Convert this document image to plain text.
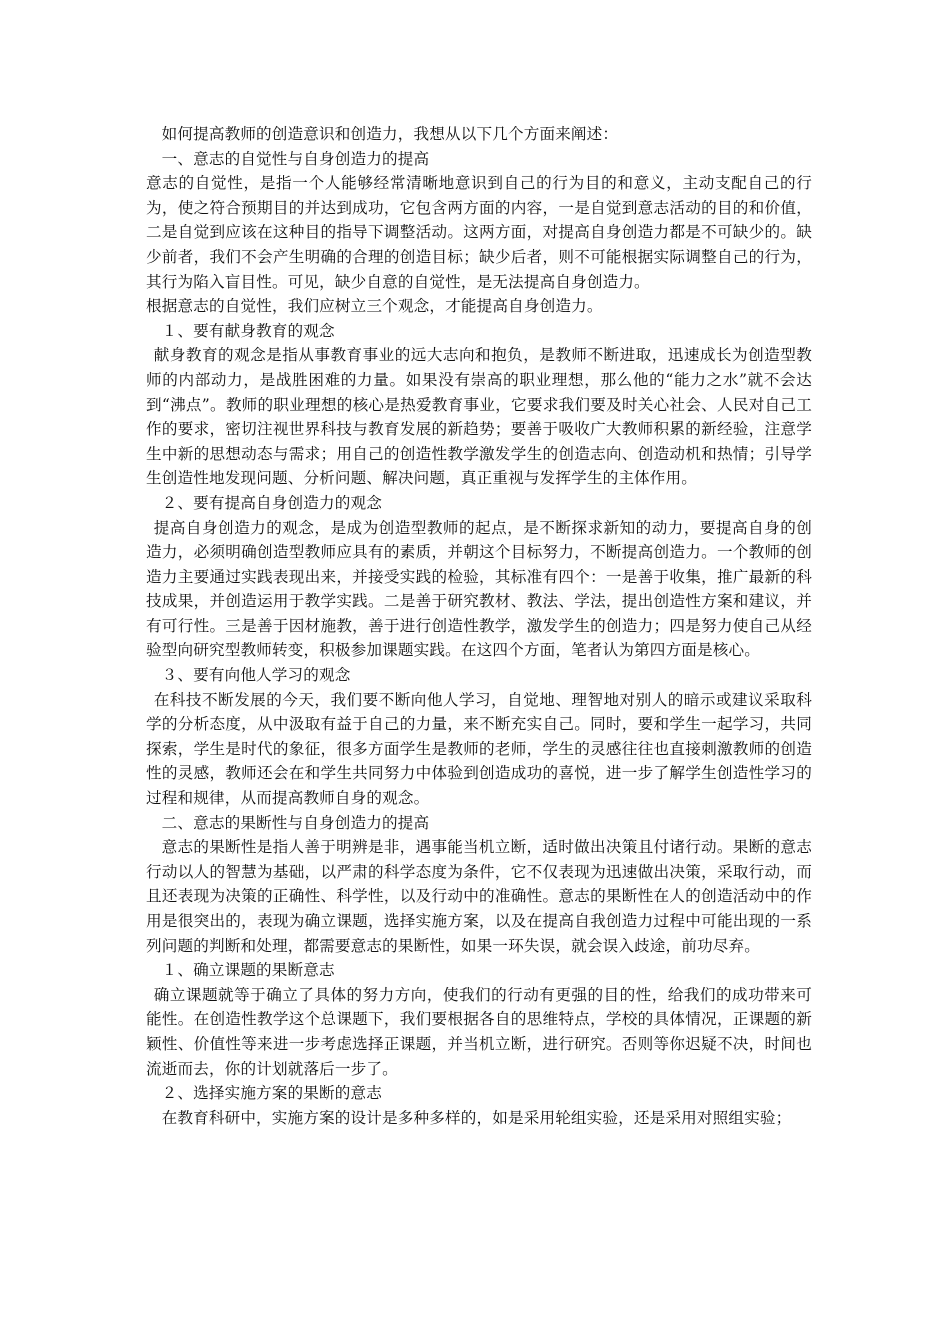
如何提高教师的创造意识和创造力，我想从以下几个方面来阐述：

一、意志的自觉性与自身创造力的提高

意志的自觉性，是指一个人能够经常清晰地意识到自己的行为目的和意义，主动支配自己的行为，使之符合预期目的并达到成功，它包含两方面的内容，一是自觉到意志活动的目的和价值，二是自觉到应该在这种目的指导下调整活动。这两方面，对提高自身创造力都是不可缺少的。缺少前者，我们不会产生明确的合理的创造目标；缺少后者，则不可能根据实际调整自己的行为，其行为陷入盲目性。可见，缺少自意的自觉性，是无法提高自身创造力。

根据意志的自觉性，我们应树立三个观念，才能提高自身创造力。

１、要有献身教育的观念

献身教育的观念是指从事教育事业的远大志向和抱负，是教师不断进取，迅速成长为创造型教师的内部动力，是战胜困难的力量。如果没有崇高的职业理想，那么他的“能力之水”就不会达到“沸点”。教师的职业理想的核心是热爱教育事业，它要求我们要及时关心社会、人民对自己工作的要求，密切注视世界科技与教育发展的新趋势；要善于吸收广大教师积累的新经验，注意学生中新的思想动态与需求；用自己的创造性教学激发学生的创造志向、创造动机和热情；引导学生创造性地发现问题、分析问题、解决问题，真正重视与发挥学生的主体作用。

２、要有提高自身创造力的观念

提高自身创造力的观念，是成为创造型教师的起点，是不断探求新知的动力，要提高自身的创造力，必须明确创造型教师应具有的素质，并朝这个目标努力，不断提高创造力。一个教师的创造力主要通过实践表现出来，并接受实践的检验，其标准有四个：一是善于收集，推广最新的科技成果，并创造运用于教学实践。二是善于研究教材、教法、学法，提出创造性方案和建议，并有可行性。三是善于因材施教，善于进行创造性教学，激发学生的创造力；四是努力使自己从经验型向研究型教师转变，积极参加课题实践。在这四个方面，笔者认为第四方面是核心。

３、要有向他人学习的观念

在科技不断发展的今天，我们要不断向他人学习，自觉地、理智地对别人的暗示或建议采取科学的分析态度，从中汲取有益于自己的力量，来不断充实自己。同时，要和学生一起学习，共同探索，学生是时代的象征，很多方面学生是教师的老师，学生的灵感往往也直接刺激教师的创造性的灵感，教师还会在和学生共同努力中体验到创造成功的喜悦，进一步了解学生创造性学习的过程和规律，从而提高教师自身的观念。

二、意志的果断性与自身创造力的提高

意志的果断性是指人善于明辨是非，遇事能当机立断，适时做出决策且付诸行动。果断的意志行动以人的智慧为基础，以严肃的科学态度为条件，它不仅表现为迅速做出决策，采取行动，而且还表现为决策的正确性、科学性，以及行动中的准确性。意志的果断性在人的创造活动中的作用是很突出的，表现为确立课题，选择实施方案，以及在提高自我创造力过程中可能出现的一系列问题的判断和处理，都需要意志的果断性，如果一环失误，就会误入歧途，前功尽弃。

１、确立课题的果断意志

确立课题就等于确立了具体的努力方向，使我们的行动有更强的目的性，给我们的成功带来可能性。在创造性教学这个总课题下，我们要根据各自的思维特点，学校的具体情况，正课题的新颖性、价值性等来进一步考虑选择正课题，并当机立断，进行研究。否则等你迟疑不决，时间也流逝而去，你的计划就落后一步了。

２、选择实施方案的果断的意志

在教育科研中，实施方案的设计是多种多样的，如是采用轮组实验，还是采用对照组实验；
